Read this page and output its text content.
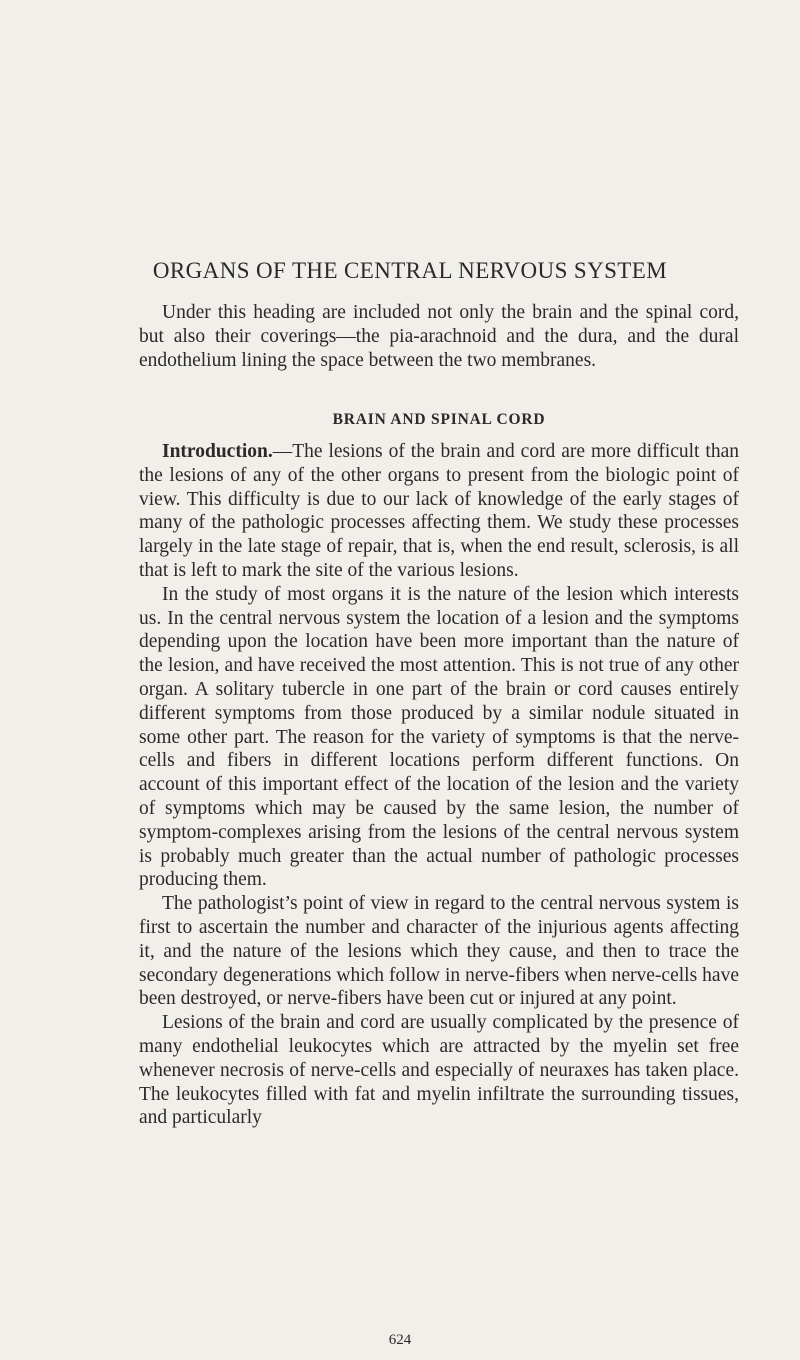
ORGANS OF THE CENTRAL NERVOUS SYSTEM

Under this heading are included not only the brain and the spinal cord, but also their coverings—the pia-arachnoid and the dura, and the dural endothelium lining the space between the two membranes.

BRAIN AND SPINAL CORD

Introduction.—The lesions of the brain and cord are more difficult than the lesions of any of the other organs to present from the biologic point of view. This difficulty is due to our lack of knowledge of the early stages of many of the pathologic processes affecting them. We study these processes largely in the late stage of repair, that is, when the end result, sclerosis, is all that is left to mark the site of the various lesions.

In the study of most organs it is the nature of the lesion which interests us. In the central nervous system the location of a lesion and the symptoms depending upon the location have been more important than the nature of the lesion, and have received the most attention. This is not true of any other organ. A solitary tubercle in one part of the brain or cord causes entirely different symptoms from those produced by a similar nodule situated in some other part. The reason for the variety of symptoms is that the nerve-cells and fibers in different locations perform different functions. On account of this important effect of the location of the lesion and the variety of symptoms which may be caused by the same lesion, the number of symptom-complexes arising from the lesions of the central nervous system is probably much greater than the actual number of pathologic processes producing them.

The pathologist’s point of view in regard to the central nervous system is first to ascertain the number and character of the injurious agents affecting it, and the nature of the lesions which they cause, and then to trace the secondary degenerations which follow in nerve-fibers when nerve-cells have been destroyed, or nerve-fibers have been cut or injured at any point.

Lesions of the brain and cord are usually complicated by the presence of many endothelial leukocytes which are attracted by the myelin set free whenever necrosis of nerve-cells and especially of neuraxes has taken place. The leukocytes filled with fat and myelin infiltrate the surrounding tissues, and particularly

624
